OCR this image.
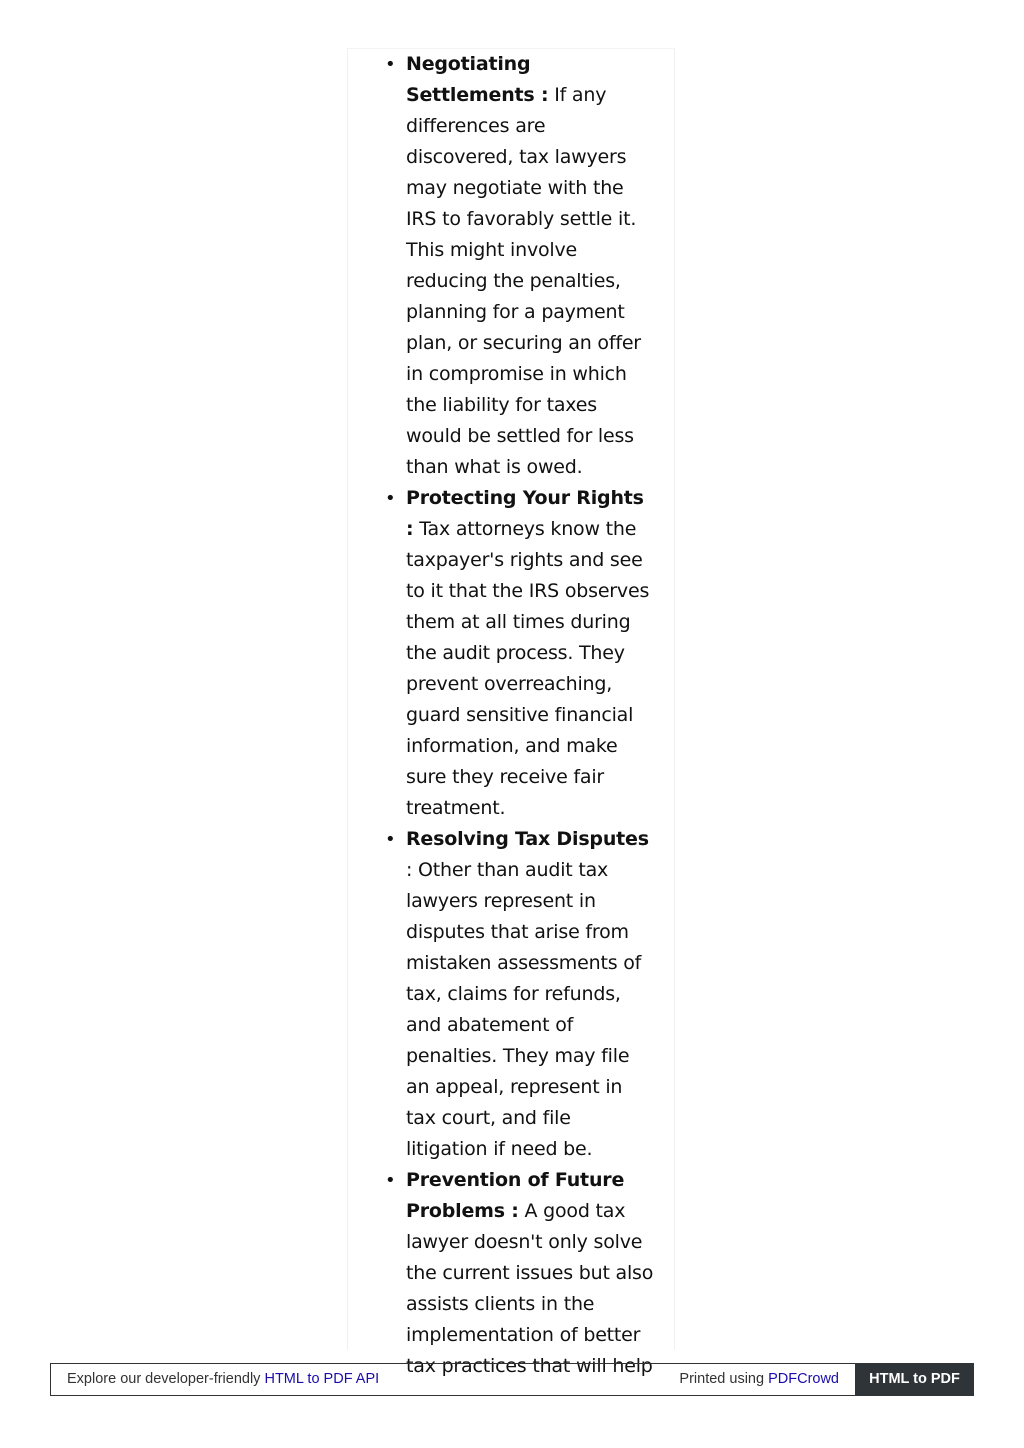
• Negotiating Settlements : If any differences are discovered, tax lawyers may negotiate with the IRS to favorably settle it. This might involve reducing the penalties, planning for a payment plan, or securing an offer in compromise in which the liability for taxes would be settled for less than what is owed.
• Protecting Your Rights : Tax attorneys know the taxpayer's rights and see to it that the IRS observes them at all times during the audit process. They prevent overreaching, guard sensitive financial information, and make sure they receive fair treatment.
• Resolving Tax Disputes : Other than audit tax lawyers represent in disputes that arise from mistaken assessments of tax, claims for refunds, and abatement of penalties. They may file an appeal, represent in tax court, and file litigation if need be.
• Prevention of Future Problems : A good tax lawyer doesn't only solve the current issues but also assists clients in the implementation of better tax practices that will help
Explore our developer-friendly HTML to PDF API	Printed using PDFCrowd	HTML to PDF
